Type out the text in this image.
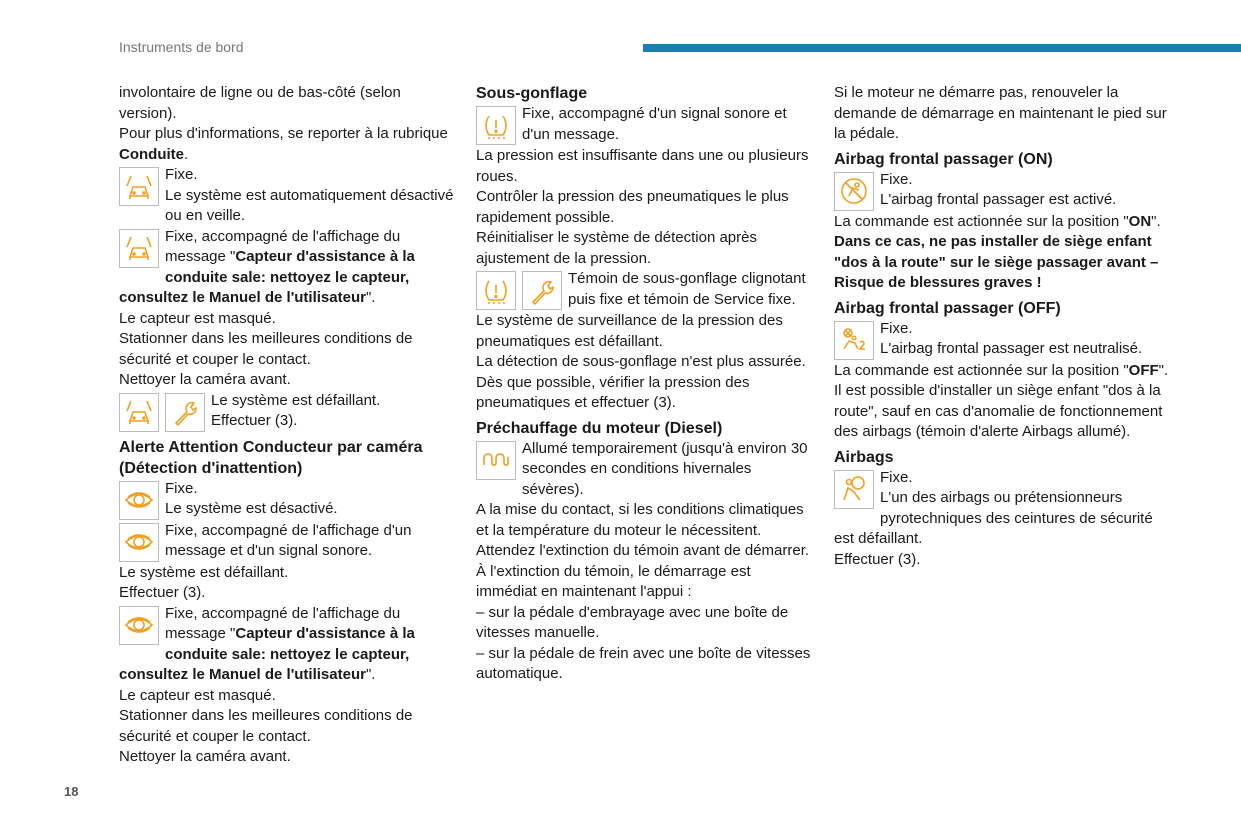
Instruments de bord
18

involontaire de ligne ou de bas-côté (selon version).

Pour plus d'informations, se reporter à la rubrique Conduite.

Fixe.

Le système est automatiquement désactivé ou en veille.

Fixe, accompagné de l'affichage du message "Capteur d'assistance à la conduite sale: nettoyez le capteur, consultez le Manuel de l'utilisateur".

Le capteur est masqué.

Stationner dans les meilleures conditions de sécurité et couper le contact.

Nettoyer la caméra avant.

Le système est défaillant.

Effectuer (3).

Alerte Attention Conducteur par caméra (Détection d'inattention)

Fixe.

Le système est désactivé.

Fixe, accompagné de l'affichage d'un message et d'un signal sonore.

Le système est défaillant.

Effectuer (3).

Fixe, accompagné de l'affichage du message "Capteur d'assistance à la conduite sale: nettoyez le capteur, consultez le Manuel de l'utilisateur".

Le capteur est masqué.

Stationner dans les meilleures conditions de sécurité et couper le contact.

Nettoyer la caméra avant.

Sous-gonflage

Fixe, accompagné d'un signal sonore et d'un message.

La pression est insuffisante dans une ou plusieurs roues.

Contrôler la pression des pneumatiques le plus rapidement possible.

Réinitialiser le système de détection après ajustement de la pression.

Témoin de sous-gonflage clignotant puis fixe et témoin de Service fixe.

Le système de surveillance de la pression des pneumatiques est défaillant.

La détection de sous-gonflage n'est plus assurée.

Dès que possible, vérifier la pression des pneumatiques et effectuer (3).

Préchauffage du moteur (Diesel)

Allumé temporairement (jusqu'à environ 30 secondes en conditions hivernales sévères).

A la mise du contact, si les conditions climatiques et la température du moteur le nécessitent.

Attendez l'extinction du témoin avant de démarrer.

À l'extinction du témoin, le démarrage est immédiat en maintenant l'appui :

– sur la pédale d'embrayage avec une boîte de vitesses manuelle.

– sur la pédale de frein avec une boîte de vitesses automatique.

Si le moteur ne démarre pas, renouveler la demande de démarrage en maintenant le pied sur la pédale.

Airbag frontal passager (ON)

Fixe.

L'airbag frontal passager est activé.

La commande est actionnée sur la position "ON".

Dans ce cas, ne pas installer de siège enfant "dos à la route" sur le siège passager avant – Risque de blessures graves !

Airbag frontal passager (OFF)

Fixe.

L'airbag frontal passager est neutralisé.

La commande est actionnée sur la position "OFF".

Il est possible d'installer un siège enfant "dos à la route", sauf en cas d'anomalie de fonctionnement des airbags (témoin d'alerte Airbags allumé).

Airbags

Fixe.

L'un des airbags ou prétensionneurs pyrotechniques des ceintures de sécurité est défaillant.

Effectuer (3).
